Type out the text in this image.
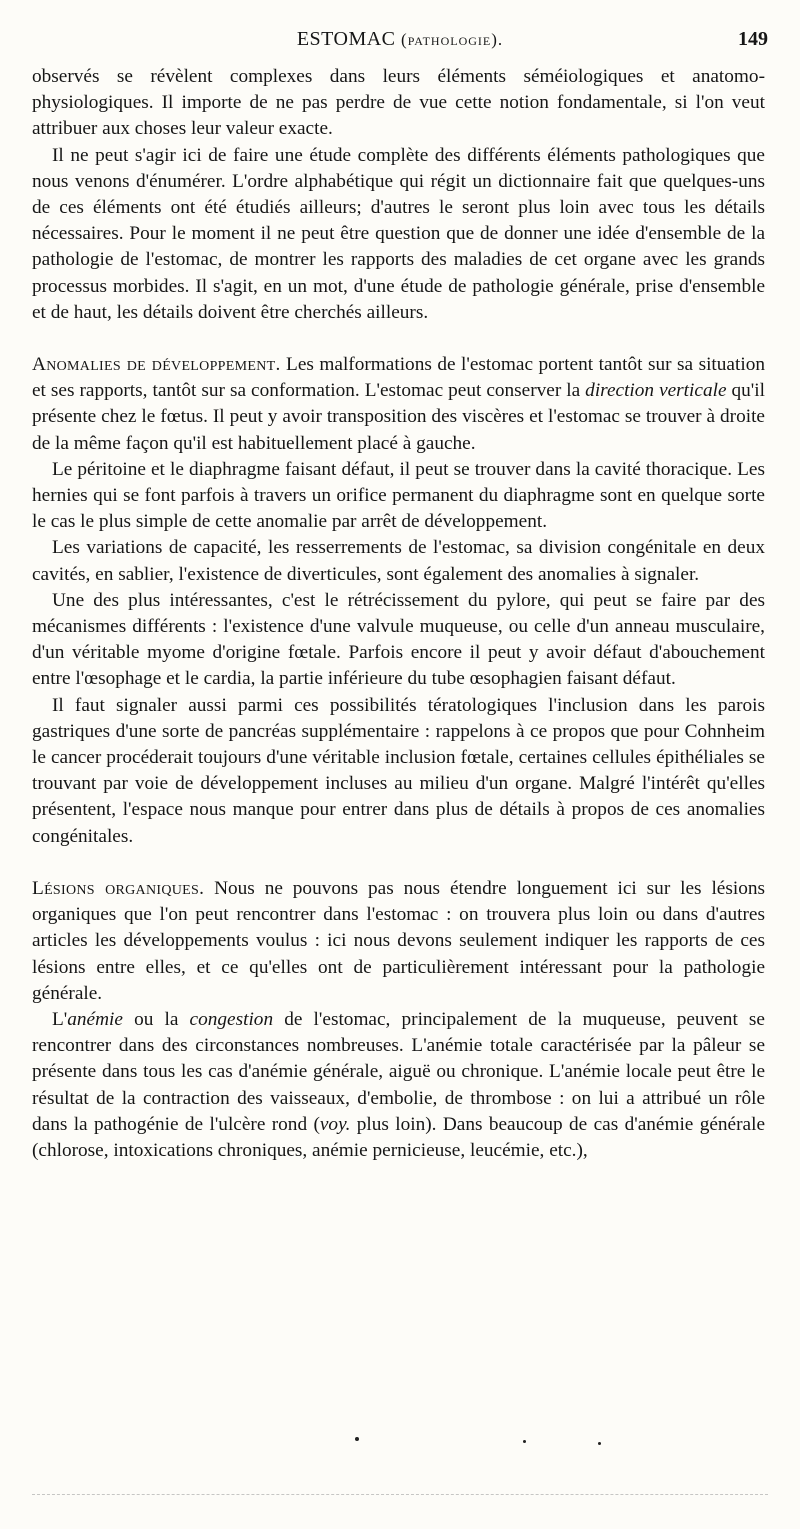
ESTOMAC (pathologie).	149

observés se révèlent complexes dans leurs éléments séméiologiques et anatomo-physiologiques. Il importe de ne pas perdre de vue cette notion fondamentale, si l'on veut attribuer aux choses leur valeur exacte.

Il ne peut s'agir ici de faire une étude complète des différents éléments pathologiques que nous venons d'énumérer. L'ordre alphabétique qui régit un dictionnaire fait que quelques-uns de ces éléments ont été étudiés ailleurs; d'autres le seront plus loin avec tous les détails nécessaires. Pour le moment il ne peut être question que de donner une idée d'ensemble de la pathologie de l'estomac, de montrer les rapports des maladies de cet organe avec les grands processus morbides. Il s'agit, en un mot, d'une étude de pathologie générale, prise d'ensemble et de haut, les détails doivent être cherchés ailleurs.

Anomalies de développement. Les malformations de l'estomac portent tantôt sur sa situation et ses rapports, tantôt sur sa conformation. L'estomac peut conserver la direction verticale qu'il présente chez le fœtus. Il peut y avoir transposition des viscères et l'estomac se trouver à droite de la même façon qu'il est habituellement placé à gauche.

Le péritoine et le diaphragme faisant défaut, il peut se trouver dans la cavité thoracique. Les hernies qui se font parfois à travers un orifice permanent du diaphragme sont en quelque sorte le cas le plus simple de cette anomalie par arrêt de développement.

Les variations de capacité, les resserrements de l'estomac, sa division congénitale en deux cavités, en sablier, l'existence de diverticules, sont également des anomalies à signaler.

Une des plus intéressantes, c'est le rétrécissement du pylore, qui peut se faire par des mécanismes différents : l'existence d'une valvule muqueuse, ou celle d'un anneau musculaire, d'un véritable myome d'origine fœtale. Parfois encore il peut y avoir défaut d'abouchement entre l'œsophage et le cardia, la partie inférieure du tube œsophagien faisant défaut.

Il faut signaler aussi parmi ces possibilités tératologiques l'inclusion dans les parois gastriques d'une sorte de pancréas supplémentaire : rappelons à ce propos que pour Cohnheim le cancer procéderait toujours d'une véritable inclusion fœtale, certaines cellules épithéliales se trouvant par voie de développement incluses au milieu d'un organe. Malgré l'intérêt qu'elles présentent, l'espace nous manque pour entrer dans plus de détails à propos de ces anomalies congénitales.

Lésions organiques. Nous ne pouvons pas nous étendre longuement ici sur les lésions organiques que l'on peut rencontrer dans l'estomac : on trouvera plus loin ou dans d'autres articles les développements voulus : ici nous devons seulement indiquer les rapports de ces lésions entre elles, et ce qu'elles ont de particulièrement intéressant pour la pathologie générale.

L'anémie ou la congestion de l'estomac, principalement de la muqueuse, peuvent se rencontrer dans des circonstances nombreuses. L'anémie totale caractérisée par la pâleur se présente dans tous les cas d'anémie générale, aiguë ou chronique. L'anémie locale peut être le résultat de la contraction des vaisseaux, d'embolie, de thrombose : on lui a attribué un rôle dans la pathogénie de l'ulcère rond (voy. plus loin). Dans beaucoup de cas d'anémie générale (chlorose, intoxications chroniques, anémie pernicieuse, leucémie, etc.),
